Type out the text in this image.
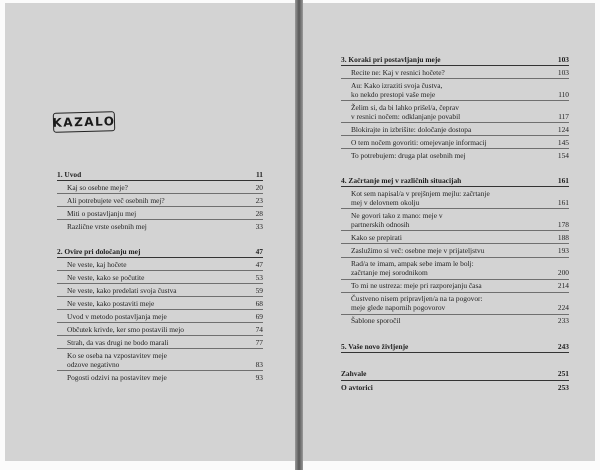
KAZALO
1. Uvod	11
Kaj so osebne meje?	20
Ali potrebujete več osebnih mej?	23
Miti o postavljanju mej	28
Različne vrste osebnih mej	33
2. Ovire pri določanju mej	47
Ne veste, kaj hočete	47
Ne veste, kako se počutite	53
Ne veste, kako predelati svoja čustva	59
Ne veste, kako postaviti meje	68
Uvod v metodo postavljanja meje	69
Občutek krivde, ker smo postavili mejo	74
Strah, da vas drugi ne bodo marali	77
Ko se oseba na vzpostavitev meje
odzove negativno	83
Pogosti odzivi na postavitev meje	93
3. Koraki pri postavljanju meje	103
Recite ne: Kaj v resnici hočete?	103
Au: Kako izraziti svoja čustva,
ko nekdo prestopi vaše meje	110
Želim si, da bi lahko prišel/a, čeprav
v resnici nočem: odklanjanje povabil	117
Blokirajte in izbrišite: določanje dostopa	124
O tem nočem govoriti: omejevanje informacij	145
To potrebujem: druga plat osebnih mej	154
4. Začrtanje mej v različnih situacijah	161
Kot sem napisal/a v prejšnjem mejlu: začrtanje
mej v delovnem okolju	161
Ne govori tako z mano: meje v
partnerskih odnosih	178
Kako se prepirati	188
Zaslužimo si več: osebne meje v prijateljstvu	193
Rad/a te imam, ampak sebe imam le bolj:
začrtanje mej sorodnikom	200
To mi ne ustreza: meje pri razporejanju časa	214
Čustveno nisem pripravljen/a na ta pogovor:
meje glede napornih pogovorov	224
Šablone sporočil	233
5. Vaše novo življenje	243
Zahvale	251
O avtorici	253
